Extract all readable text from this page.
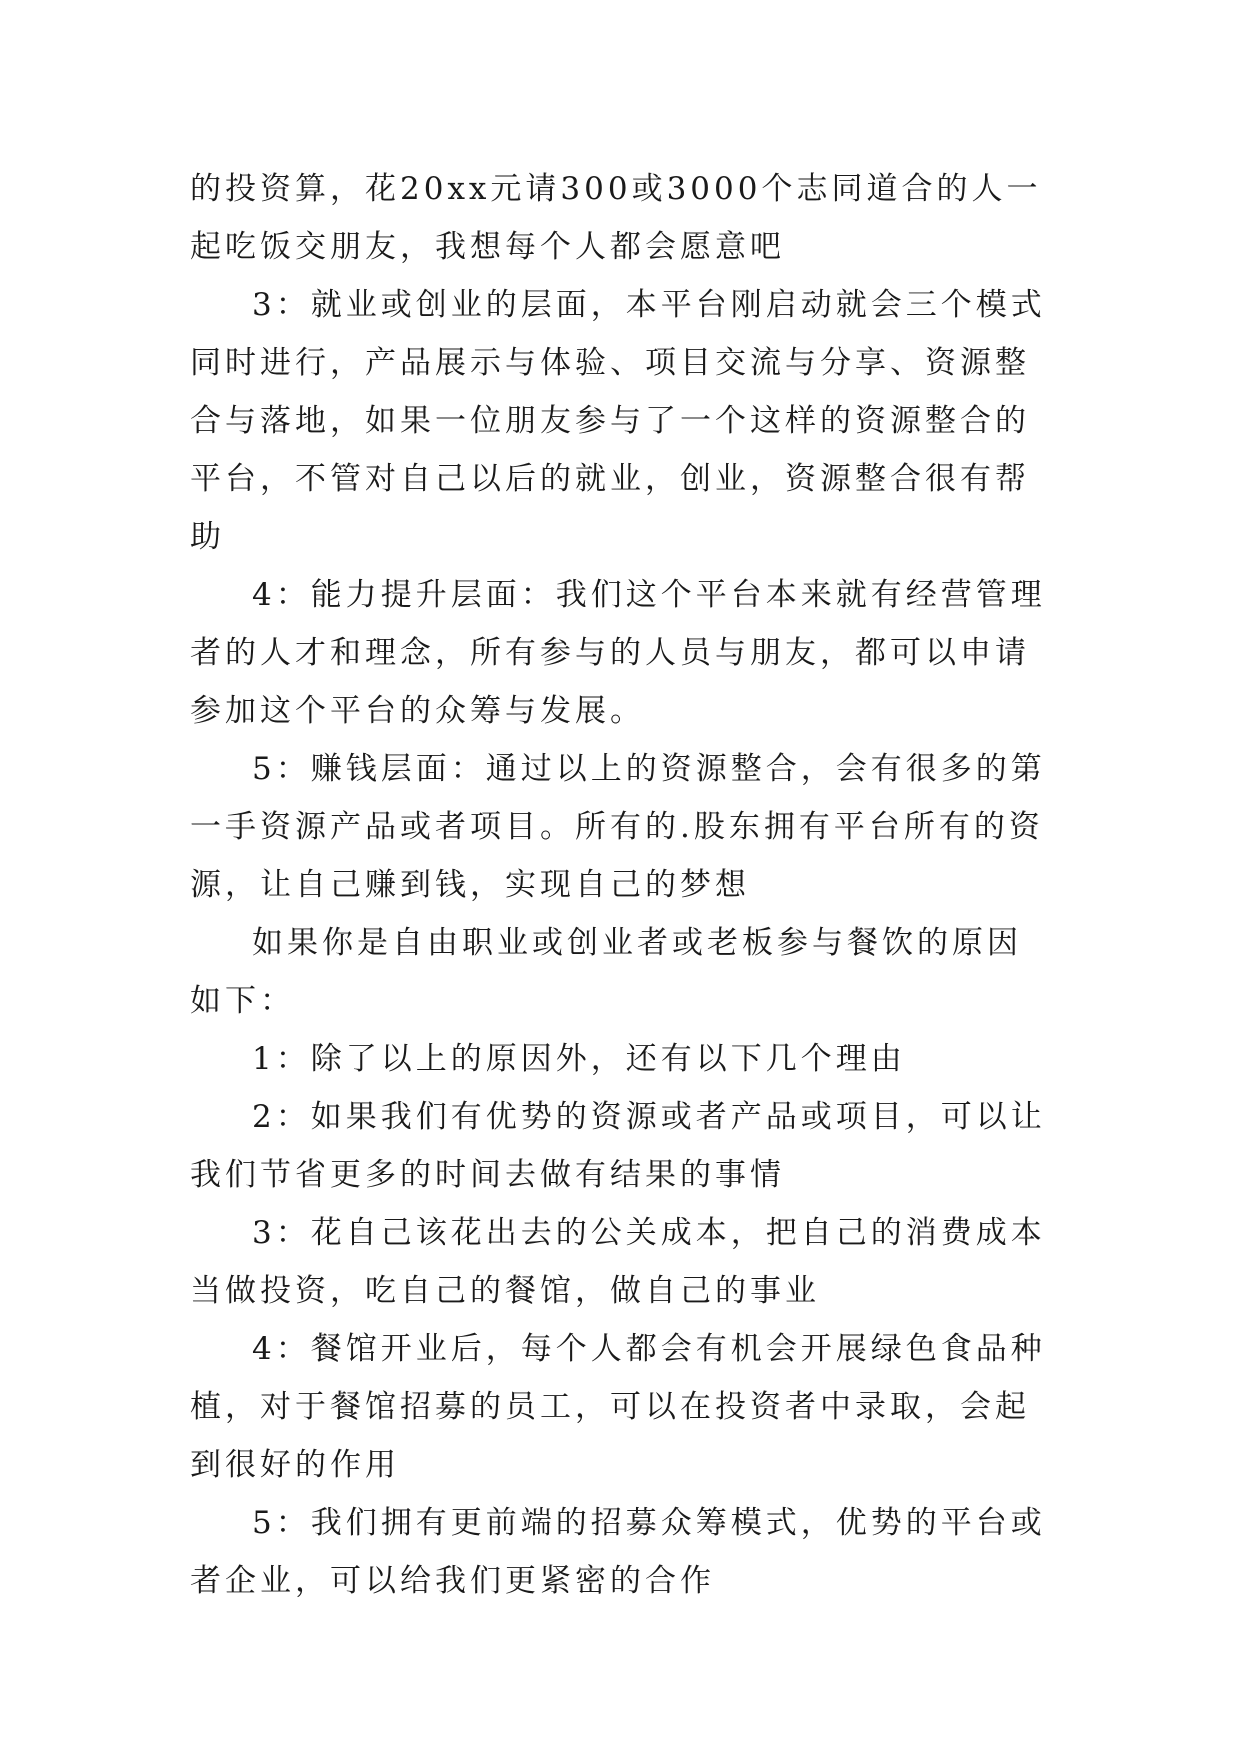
的投资算，花20xx元请300或3000个志同道合的人一起吃饭交朋友，我想每个人都会愿意吧

3：就业或创业的层面，本平台刚启动就会三个模式同时进行，产品展示与体验、项目交流与分享、资源整合与落地，如果一位朋友参与了一个这样的资源整合的平台，不管对自己以后的就业，创业，资源整合很有帮助

4：能力提升层面：我们这个平台本来就有经营管理者的人才和理念，所有参与的人员与朋友，都可以申请参加这个平台的众筹与发展。

5：赚钱层面：通过以上的资源整合，会有很多的第一手资源产品或者项目。所有的.股东拥有平台所有的资源，让自己赚到钱，实现自己的梦想

如果你是自由职业或创业者或老板参与餐饮的原因如下：

1：除了以上的原因外，还有以下几个理由

2：如果我们有优势的资源或者产品或项目，可以让我们节省更多的时间去做有结果的事情

3：花自己该花出去的公关成本，把自己的消费成本当做投资，吃自己的餐馆，做自己的事业

4：餐馆开业后，每个人都会有机会开展绿色食品种植，对于餐馆招募的员工，可以在投资者中录取，会起到很好的作用

5：我们拥有更前端的招募众筹模式，优势的平台或者企业，可以给我们更紧密的合作
